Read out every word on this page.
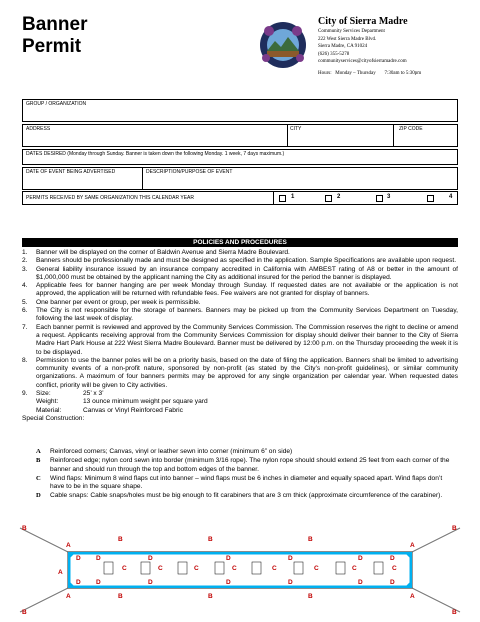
Banner
Permit
City of Sierra Madre
Community Services Department
222 West Sierra Madre Blvd.
Sierra Madre, CA 91024
(626) 355-5278
communityservices@cityofsierramadre.com
Hours: Monday – Thursday 7:30am to 5:30pm
GROUP / ORGANIZATION
ADDRESS	CITY	ZIP CODE
DATES DESIRED (Monday through Sunday. Banner is taken down the following Monday. 1 week, 7 days maximum.)
DATE OF EVENT BEING ADVERTISED	DESCRIPTION/PURPOSE OF EVENT
PERMITS RECEIVED BY SAME ORGANIZATION THIS CALENDAR YEAR	1	2	3	4
POLICIES AND PROCEDURES
1.	Banner will be displayed on the corner of Baldwin Avenue and Sierra Madre Boulevard.
2.	Banners should be professionally made and must be designed as specified in the application. Sample Specifications are available upon request.
3.	General liability insurance issued by an insurance company accredited in California with AMBEST rating of A8 or better in the amount of $1,000,000 must be obtained by the applicant naming the City as additional insured for the period the banner is displayed.
4.	Applicable fees for banner hanging are per week Monday through Sunday. If requested dates are not available or the application is not approved, the application will be returned with refundable fees. Fee waivers are not granted for display of banners.
5.	One banner per event or group, per week is permissible.
6.	The City is not responsible for the storage of banners. Banners may be picked up from the Community Services Department on Tuesday, following the last week of display.
7.	Each banner permit is reviewed and approved by the Community Services Commission. The Commission reserves the right to decline or amend a request. Applicants receiving approval from the Community Services Commission for display should deliver their banner to the City of Sierra Madre Hart Park House at 222 West Sierra Madre Boulevard. Banner must be delivered by 12:00 p.m. on the Thursday proceeding the week it is to be displayed.
8.	Permission to use the banner poles will be on a priority basis, based on the date of filing the application. Banners shall be limited to advertising community events of a non-profit nature, sponsored by non-profit (as stated by the City’s non-profit guidelines), or similar community organizations. A maximum of four banners permits may be approved for any single organization per calendar year. When requested dates conflict, priority will be given to City activities.
9.	Size:	25’ x 3’
Weight:	13 ounce minimum weight per square yard
Material:	Canvas or Vinyl Reinforced Fabric
Special Construction:
A	Reinforced corners; Canvas, vinyl or leather sewn into corner (minimum 6” on side)
B	Reinforced edge; nylon cord sewn into border (minimum 3/16 rope). The nylon rope should should extend 25 feet from each corner of the banner and should run through the top and bottom edges of the banner.
C	Wind flaps: Minimum 8 wind flaps cut into banner – wind flaps must be 6 inches in diameter and equally spaced apart. Wind flaps don’t have to be in the square shape.
D	Cable snaps: Cable snaps/holes must be big enough to fit carabiners that are 3 cm thick (approximate circumference of the carabiner).
B
A
B	B	B
A
B
A
D D	D	D	D	D	D
C	C	C	C	C	C	C	C
D D	D	D	D	D	D
A	B	B	B	A
B	B
